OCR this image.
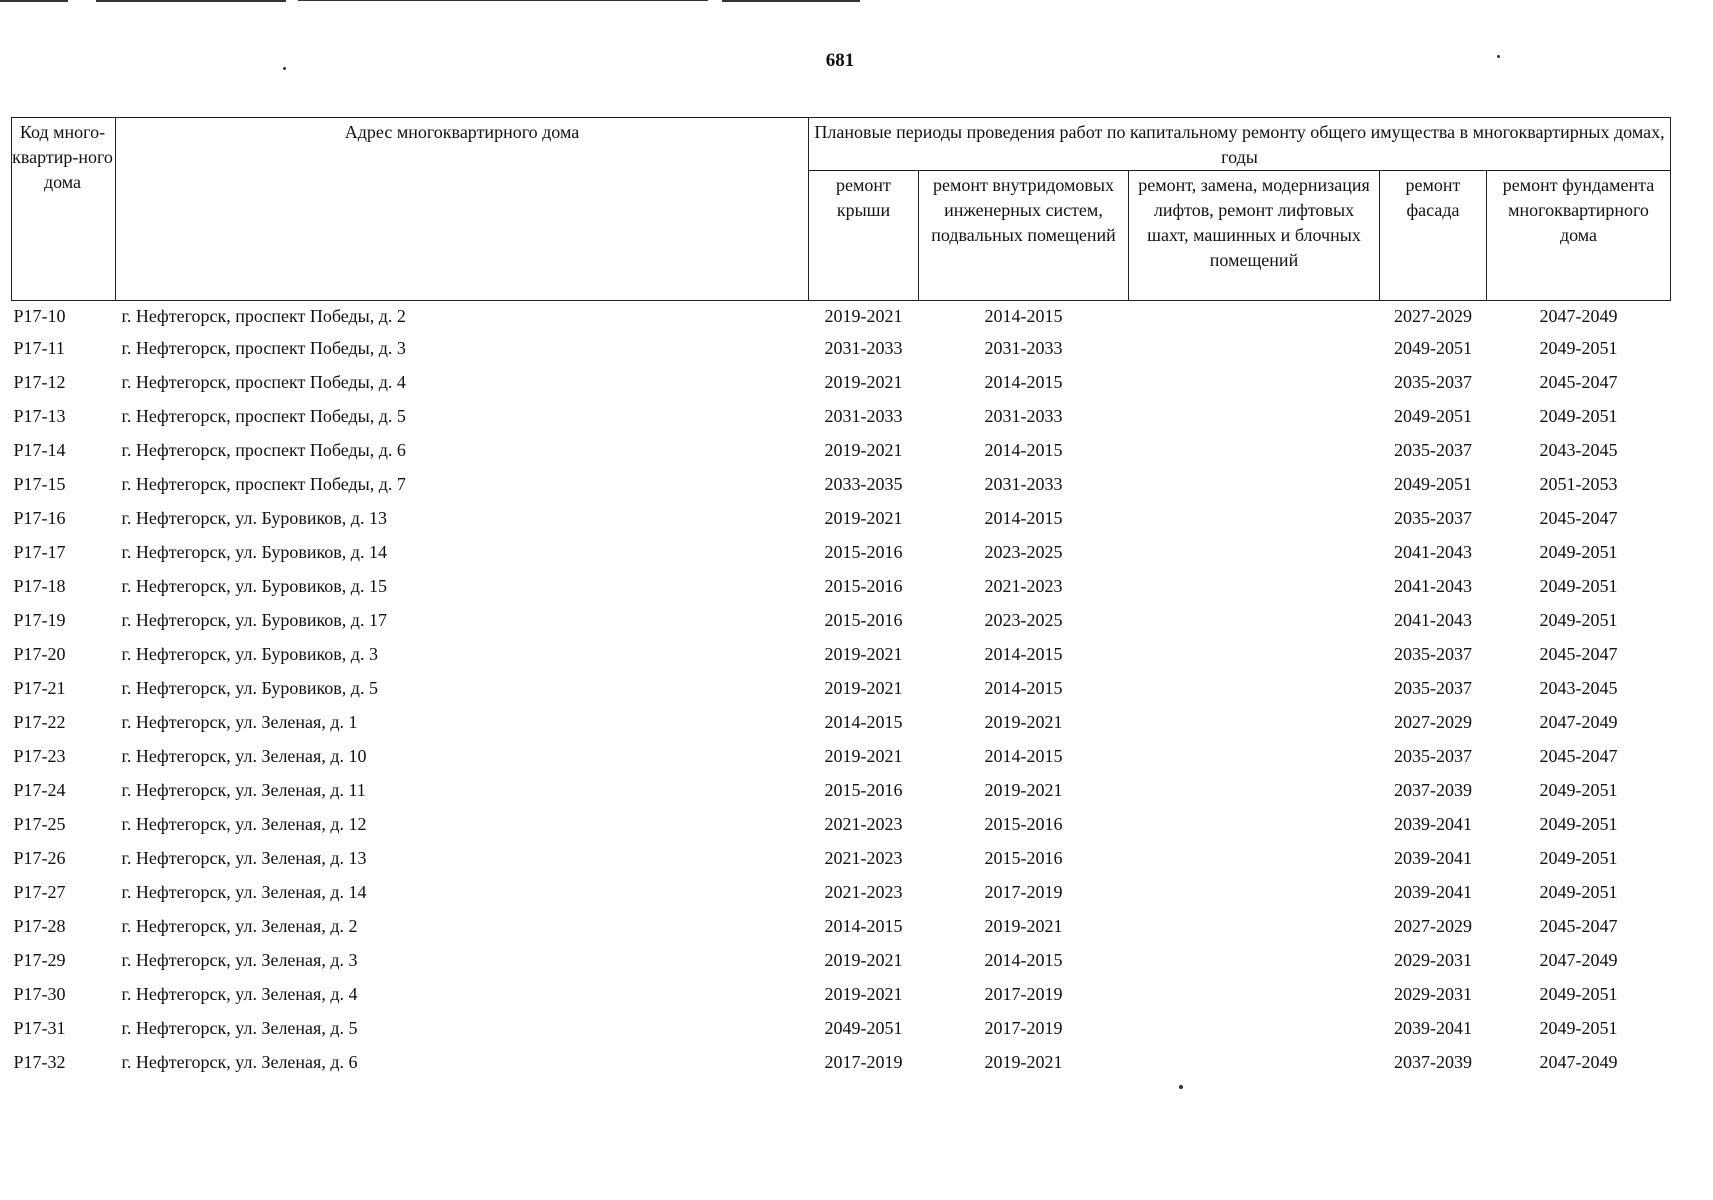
681
Код много-квартир-ного дома	Адрес многоквартирного дома	Плановые периоды проведения работ по капитальному ремонту общего имущества в многоквартирных домах, годы				
		ремонт крыши	ремонт внутридомовых инженерных систем, подвальных помещений	ремонт, замена, модернизация лифтов, ремонт лифтовых шахт, машинных и блочных помещений	ремонт фасада	ремонт фундамента многоквартирного дома
P17-10	г. Нефтегорск, проспект Победы, д. 2	2019-2021	2014-2015		2027-2029	2047-2049
P17-11	г. Нефтегорск, проспект Победы, д. 3	2031-2033	2031-2033		2049-2051	2049-2051
P17-12	г. Нефтегорск, проспект Победы, д. 4	2019-2021	2014-2015		2035-2037	2045-2047
P17-13	г. Нефтегорск, проспект Победы, д. 5	2031-2033	2031-2033		2049-2051	2049-2051
P17-14	г. Нефтегорск, проспект Победы, д. 6	2019-2021	2014-2015		2035-2037	2043-2045
P17-15	г. Нефтегорск, проспект Победы, д. 7	2033-2035	2031-2033		2049-2051	2051-2053
P17-16	г. Нефтегорск, ул. Буровиков, д. 13	2019-2021	2014-2015		2035-2037	2045-2047
P17-17	г. Нефтегорск, ул. Буровиков, д. 14	2015-2016	2023-2025		2041-2043	2049-2051
P17-18	г. Нефтегорск, ул. Буровиков, д. 15	2015-2016	2021-2023		2041-2043	2049-2051
P17-19	г. Нефтегорск, ул. Буровиков, д. 17	2015-2016	2023-2025		2041-2043	2049-2051
P17-20	г. Нефтегорск, ул. Буровиков, д. 3	2019-2021	2014-2015		2035-2037	2045-2047
P17-21	г. Нефтегорск, ул. Буровиков, д. 5	2019-2021	2014-2015		2035-2037	2043-2045
P17-22	г. Нефтегорск, ул. Зеленая, д. 1	2014-2015	2019-2021		2027-2029	2047-2049
P17-23	г. Нефтегорск, ул. Зеленая, д. 10	2019-2021	2014-2015		2035-2037	2045-2047
P17-24	г. Нефтегорск, ул. Зеленая, д. 11	2015-2016	2019-2021		2037-2039	2049-2051
P17-25	г. Нефтегорск, ул. Зеленая, д. 12	2021-2023	2015-2016		2039-2041	2049-2051
P17-26	г. Нефтегорск, ул. Зеленая, д. 13	2021-2023	2015-2016		2039-2041	2049-2051
P17-27	г. Нефтегорск, ул. Зеленая, д. 14	2021-2023	2017-2019		2039-2041	2049-2051
P17-28	г. Нефтегорск, ул. Зеленая, д. 2	2014-2015	2019-2021		2027-2029	2045-2047
P17-29	г. Нефтегорск, ул. Зеленая, д. 3	2019-2021	2014-2015		2029-2031	2047-2049
P17-30	г. Нефтегорск, ул. Зеленая, д. 4	2019-2021	2017-2019		2029-2031	2049-2051
P17-31	г. Нефтегорск, ул. Зеленая, д. 5	2049-2051	2017-2019		2039-2041	2049-2051
P17-32	г. Нефтегорск, ул. Зеленая, д. 6	2017-2019	2019-2021		2037-2039	2047-2049
